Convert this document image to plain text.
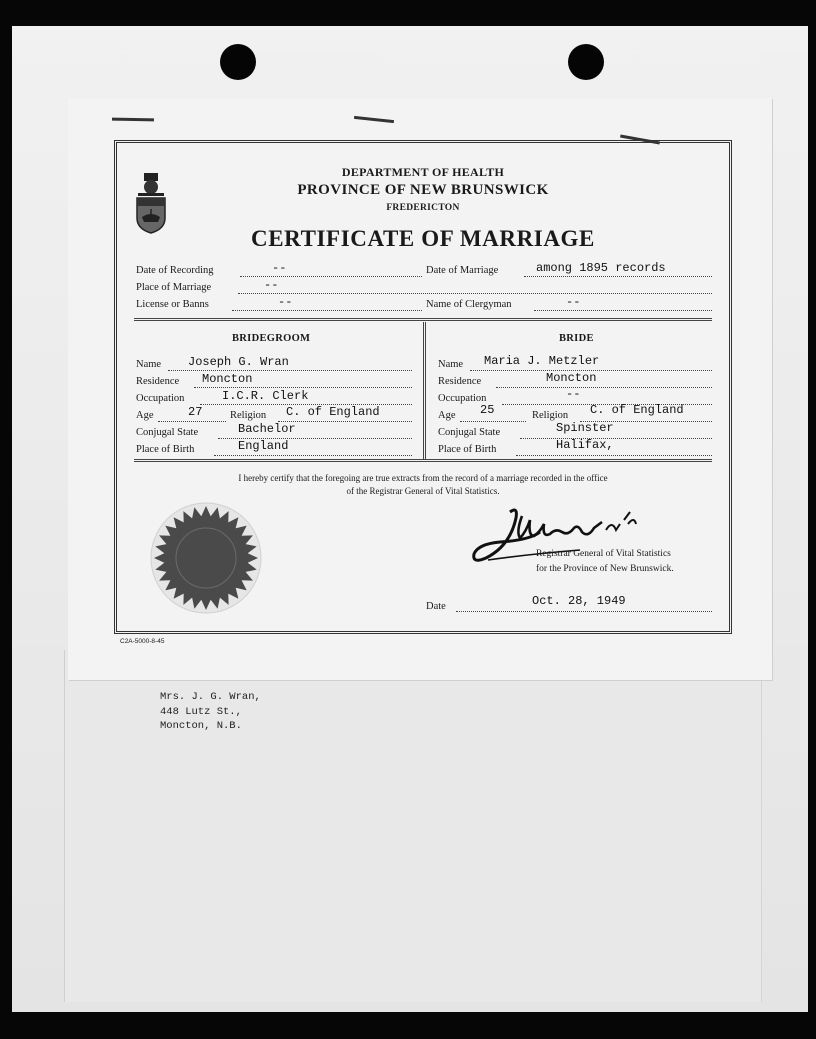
Mrs. J. G. Wran,
448 Lutz St.,
Moncton, N.B.
DEPARTMENT OF HEALTH
PROVINCE OF NEW BRUNSWICK
FREDERICTON
CERTIFICATE OF MARRIAGE
Date of Recording	--	Date of Marriage	among 1895 records
Place of Marriage	--
License or Banns	--	Name of Clergyman	--
BRIDEGROOM
Name Joseph G. Wran
Residence Moncton
Occupation	I.C.R. Clerk
Age	27	Religion C. of England
Conjugal State	Bachelor
Place of Birth	England
BRIDE
Name Maria J. Metzler
Residence	Moncton
Occupation	--
Age 25	Religion C. of England
Conjugal State	Spinster
Place of Birth	Halifax,
I hereby certify that the foregoing are true extracts from the record of a marriage recorded in the office
of the Registrar General of Vital Statistics.
Registrar General of Vital Statistics
for the Province of New Brunswick.
Date	Oct. 28, 1949
C2A-5000-8-45
